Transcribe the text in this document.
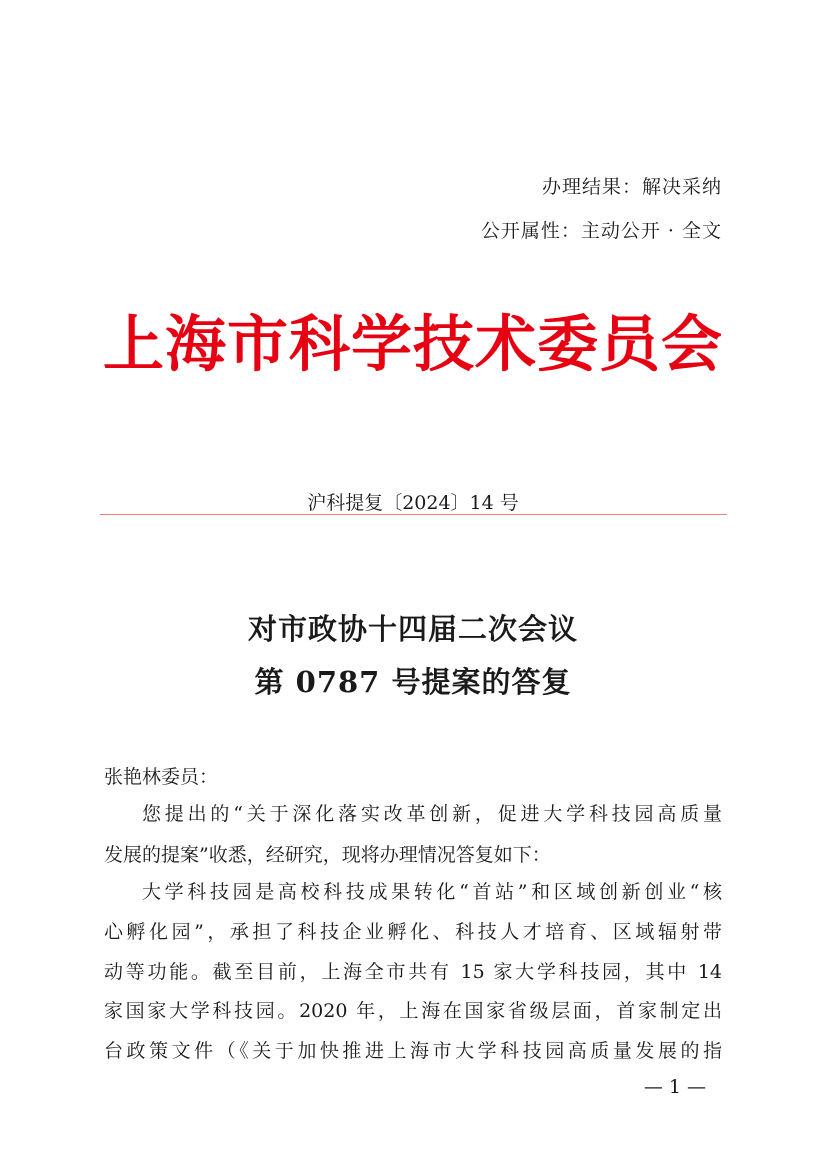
办理结果：解决采纳
公开属性：主动公开 · 全文
上海市科学技术委员会
沪科提复〔2024〕14 号
对市政协十四届二次会议
第 0787 号提案的答复
张艳林委员：
您提出的“关于深化落实改革创新，促进大学科技园高质量
发展的提案”收悉，经研究，现将办理情况答复如下：
大学科技园是高校科技成果转化“首站”和区域创新创业“核
心孵化园”，承担了科技企业孵化、科技人才培育、区域辐射带
动等功能。截至目前，上海全市共有 15 家大学科技园，其中 14
家国家大学科技园。2020 年，上海在国家省级层面，首家制定出
台政策文件（《关于加快推进上海市大学科技园高质量发展的指
— 1 —
